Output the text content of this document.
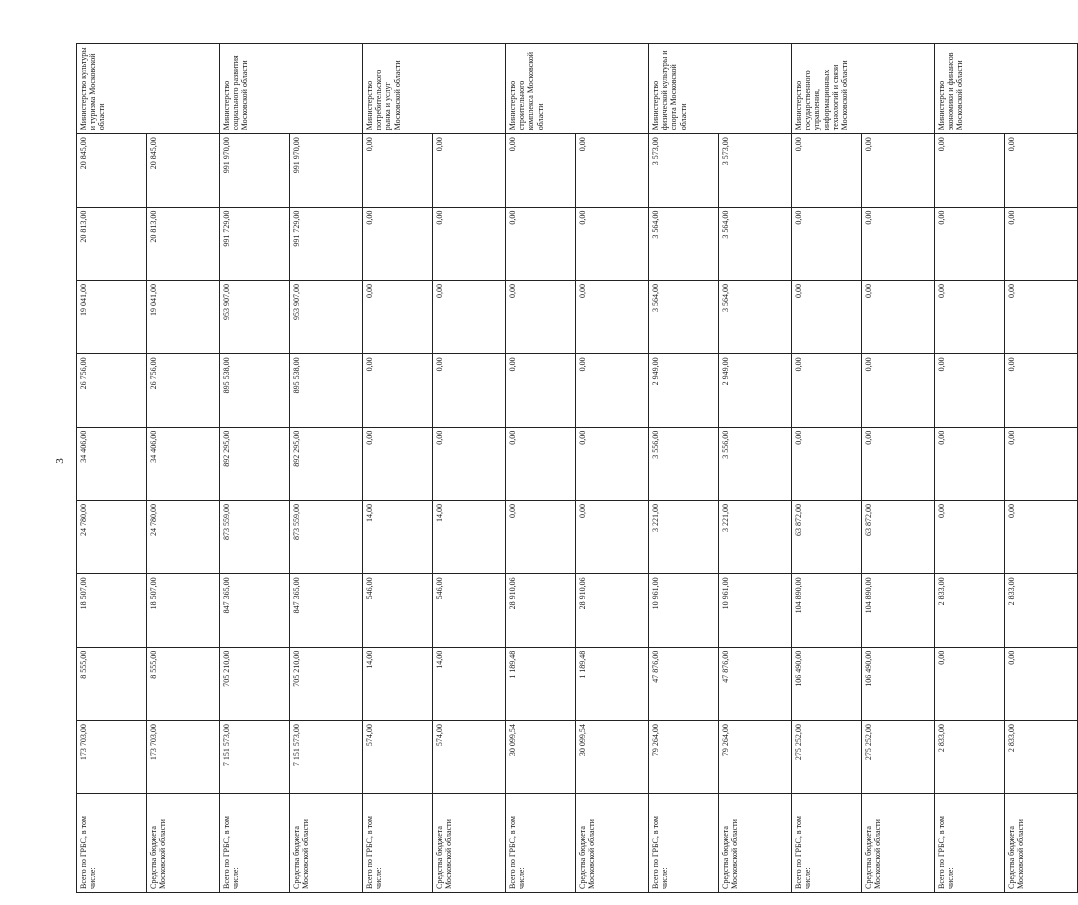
3
Всего по ГРБС, в том числе:	173 703,00	8 555,00	18 507,00	24 780,00	34 406,00	26 756,00	19 041,00	20 813,00	20 845,00	Министерство культуры и туризма Московской области
Средства бюджета Московской области	173 703,00	8 555,00	18 507,00	24 780,00	34 406,00	26 756,00	19 041,00	20 813,00	20 845,00	
Всего по ГРБС, в том числе:	7 151 573,00	705 210,00	847 365,00	873 559,00	892 295,00	895 538,00	953 907,00	991 729,00	991 970,00	Министерство социального развития Московской области
Средства бюджета Московской области	7 151 573,00	705 210,00	847 365,00	873 559,00	892 295,00	895 538,00	953 907,00	991 729,00	991 970,00	
Всего по ГРБС, в том числе:	574,00	14,00	546,00	14,00	0,00	0,00	0,00	0,00	0,00	Министерство потребительского рынка и услуг Московской области
Средства бюджета Московской области	574,00	14,00	546,00	14,00	0,00	0,00	0,00	0,00	0,00	
Всего по ГРБС, в том числе:	30 099,54	1 189,48	28 910,06	0,00	0,00	0,00	0,00	0,00	0,00	Министерство строительного комплекса Московской области
Средства бюджета Московской области	30 099,54	1 189,48	28 910,06	0,00	0,00	0,00	0,00	0,00	0,00	
Всего по ГРБС, в том числе:	79 264,00	47 876,00	10 961,00	3 221,00	3 556,00	2 949,00	3 564,00	3 564,00	3 573,00	Министерство физической культуры и спорта Московской области
Средства бюджета Московской области	79 264,00	47 876,00	10 961,00	3 221,00	3 556,00	2 949,00	3 564,00	3 564,00	3 573,00	
Всего по ГРБС, в том числе:	275 252,00	106 490,00	104 890,00	63 872,00	0,00	0,00	0,00	0,00	0,00	Министерство государственного управления, информационных технологий и связи Московской области
Средства бюджета Московской области	275 252,00	106 490,00	104 890,00	63 872,00	0,00	0,00	0,00	0,00	0,00	
Всего по ГРБС, в том числе:	2 833,00	0,00	2 833,00	0,00	0,00	0,00	0,00	0,00	0,00	Министерство экономики и финансов Московской области
Средства бюджета Московской области	2 833,00	0,00	2 833,00	0,00	0,00	0,00	0,00	0,00	0,00	
